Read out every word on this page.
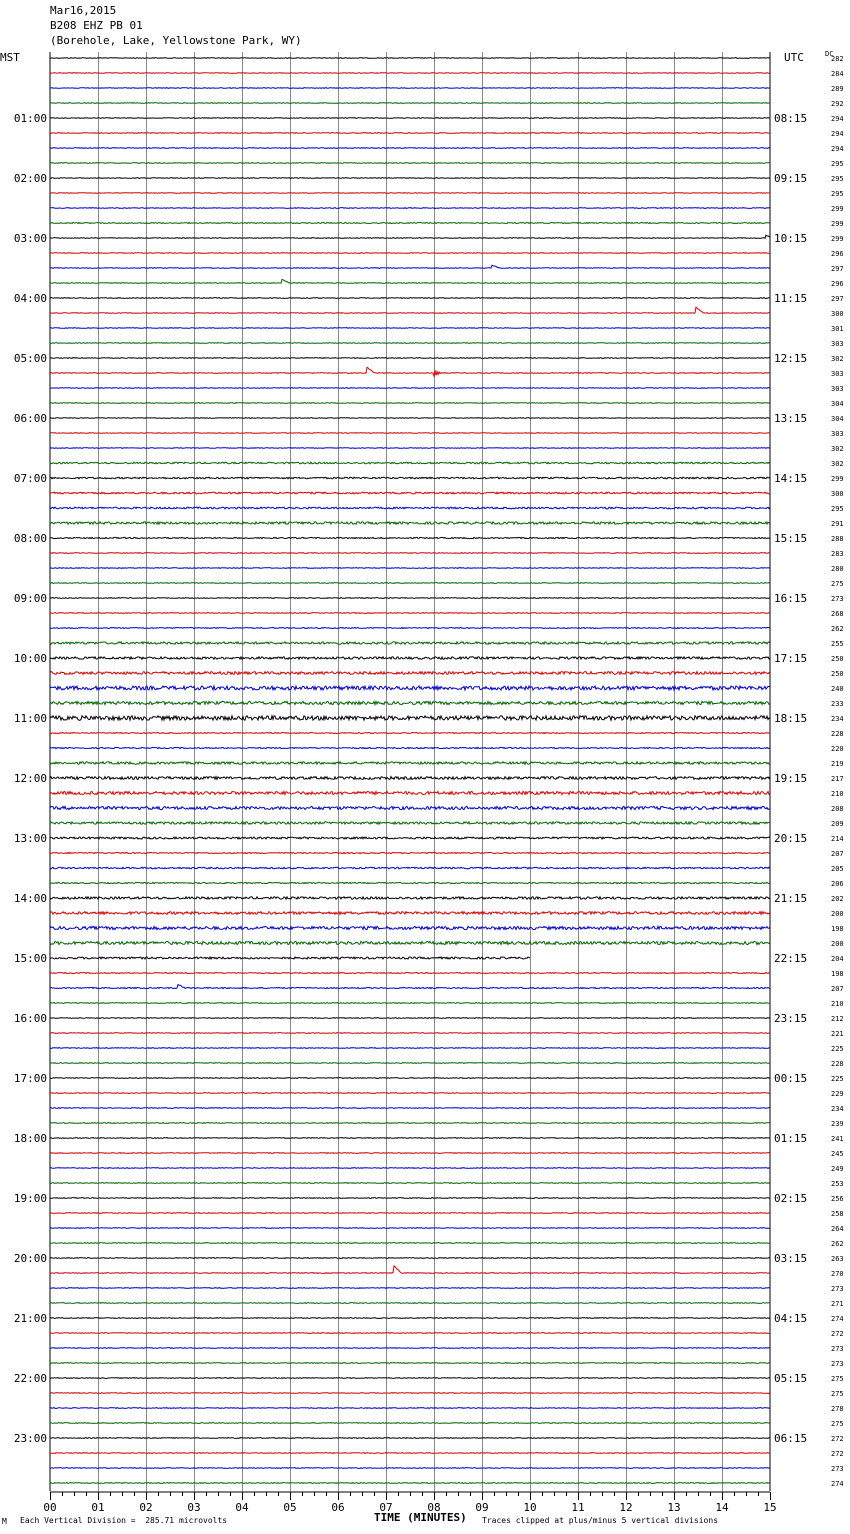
Mar16,2015
B208 EHZ PB 01
(Borehole, Lake, Yellowstone Park, WY)
282
284
289
292
294
294
294
295
295
295
299
299
299
296
297
296
297
300
301
303
302
303
303
304
304
303
302
302
299
300
295
291
288
283
280
275
273
268
262
255
250
250
240
233
234
228
220
219
217
210
208
209
214
207
205
206
202
200
198
200
204
198
207
210
212
221
225
228
225
229
234
239
241
245
249
253
256
258
264
262
263
270
273
271
274
272
273
273
275
275
278
275
272
272
273
274
01:00
02:00
03:00
04:00
05:00
06:00
07:00
08:00
09:00
10:00
11:00
12:00
13:00
14:00
15:00
16:00
17:00
18:00
19:00
20:00
21:00
22:00
23:00
08:15
09:15
10:15
11:15
12:15
13:15
14:15
15:15
16:15
17:15
18:15
19:15
20:15
21:15
22:15
23:15
00:15
01:15
02:15
03:15
04:15
05:15
06:15
MST	UTC	DC
00	01	02	03	04	05	06	07	08	09	10	11	12	13	14	15
TIME (MINUTES)
M Each Vertical Division =  285.71 microvolts	Traces clipped at plus/minus 5 vertical divisions
